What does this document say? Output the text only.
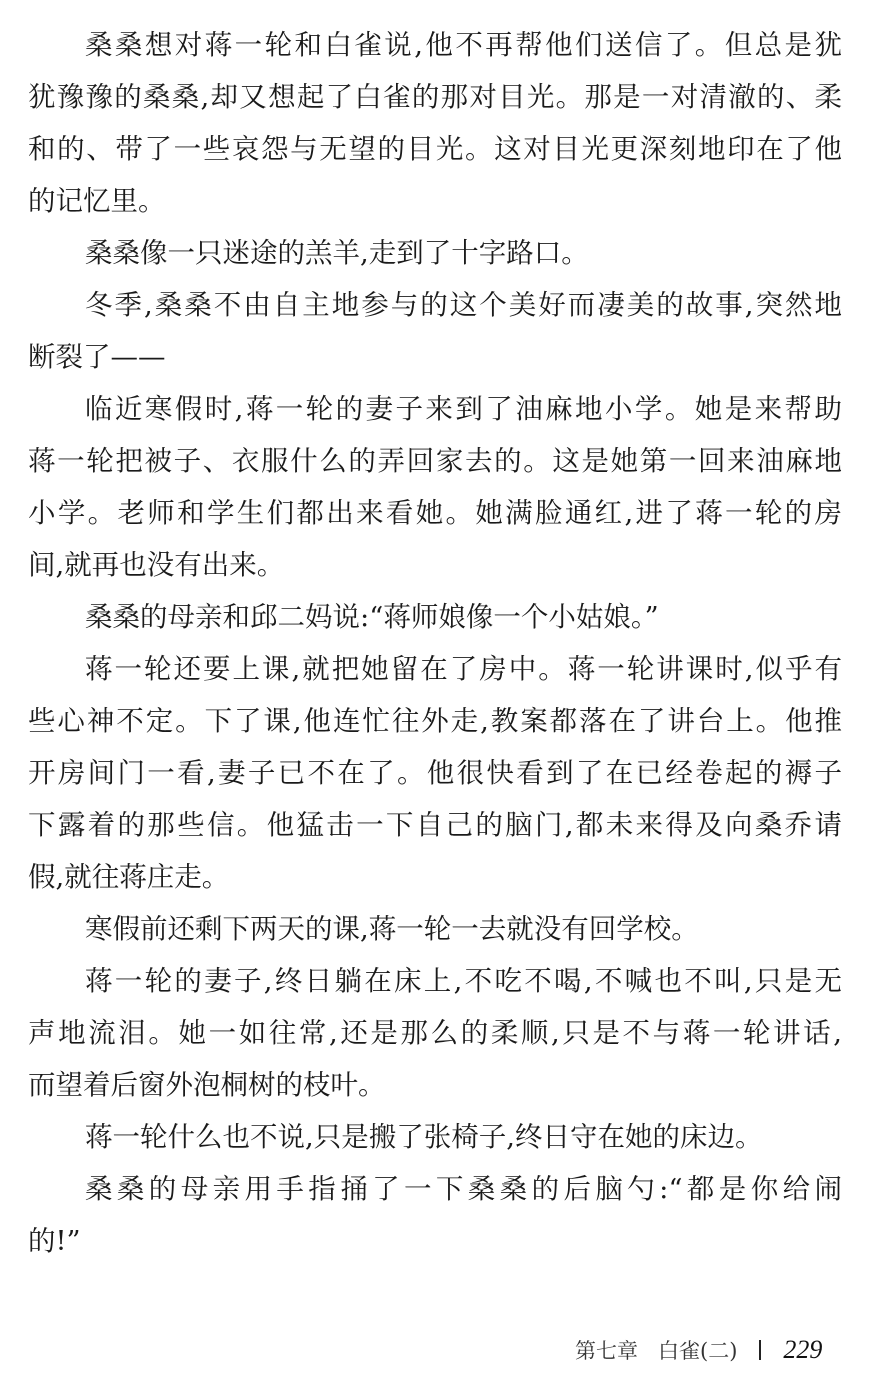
桑桑想对蒋一轮和白雀说,他不再帮他们送信了。但总是犹
犹豫豫的桑桑,却又想起了白雀的那对目光。那是一对清澈的、柔
和的、带了一些哀怨与无望的目光。这对目光更深刻地印在了他
的记忆里。
桑桑像一只迷途的羔羊,走到了十字路口。
冬季,桑桑不由自主地参与的这个美好而凄美的故事,突然地
断裂了——
临近寒假时,蒋一轮的妻子来到了油麻地小学。她是来帮助
蒋一轮把被子、衣服什么的弄回家去的。这是她第一回来油麻地
小学。老师和学生们都出来看她。她满脸通红,进了蒋一轮的房
间,就再也没有出来。
桑桑的母亲和邱二妈说:“蒋师娘像一个小姑娘。”
蒋一轮还要上课,就把她留在了房中。蒋一轮讲课时,似乎有
些心神不定。下了课,他连忙往外走,教案都落在了讲台上。他推
开房间门一看,妻子已不在了。他很快看到了在已经卷起的褥子
下露着的那些信。他猛击一下自己的脑门,都未来得及向桑乔请
假,就往蒋庄走。
寒假前还剩下两天的课,蒋一轮一去就没有回学校。
蒋一轮的妻子,终日躺在床上,不吃不喝,不喊也不叫,只是无
声地流泪。她一如往常,还是那么的柔顺,只是不与蒋一轮讲话,
而望着后窗外泡桐树的枝叶。
蒋一轮什么也不说,只是搬了张椅子,终日守在她的床边。
桑桑的母亲用手指捅了一下桑桑的后脑勺:“都是你给闹
的!”
第七章 白雀(二) 229
